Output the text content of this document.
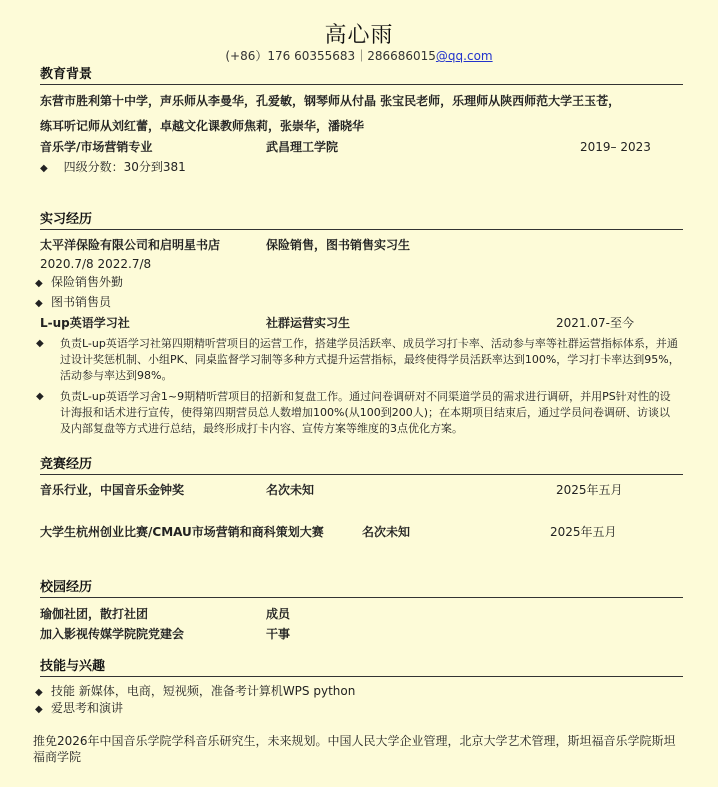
高心雨
(+86）176 60355683｜286686015@qq.com
教育背景
东营市胜利第十中学，声乐师从李曼华，孔爱敏，钢琴师从付晶 张宝民老师，乐理师从陕西师范大学王玉苍，
练耳听记师从刘红蕾，卓越文化课教师焦莉，张崇华，潘晓华
音乐学/市场营销专业	武昌理工学院	2019– 2023
◆ 四级分数：30分到381
实习经历
太平洋保险有限公司和启明星书店	保险销售，图书销售实习生
2020.7/8 2022.7/8
◆ 保险销售外勤
◆ 图书销售员
L-up英语学习社	社群运营实习生	2021.07-至今
◆	负责L-up英语学习社第四期精听营项目的运营工作，搭建学员活跃率、成员学习打卡率、活动参与率等社群运营指标体系，并通过设计奖惩机制、小组PK、同桌监督学习制等多种方式提升运营指标，最终使得学员活跃率达到100%，学习打卡率达到95%，活动参与率达到98%。
◆	负责L-up英语学习舍1~9期精听营项目的招新和复盘工作。通过问卷调研对不同渠道学员的需求进行调研，并用PS针对性的设计海报和话术进行宣传，使得第四期营员总人数增加100%(从100到200人)；在本期项目结束后，通过学员问卷调研、访谈以及内部复盘等方式进行总结，最终形成打卡内容、宣传方案等维度的3点优化方案。
竞赛经历
音乐行业，中国音乐金钟奖	名次未知	2025年五月
大学生杭州创业比赛/CMAU市场营销和商科策划大赛	名次未知	2025年五月
校园经历
瑜伽社团，散打社团	成员
加入影视传媒学院院党建会	干事
技能与兴趣
◆ 技能 新媒体，电商，短视频，准备考计算机WPS python
◆ 爱思考和演讲
推免2026年中国音乐学院学科音乐研究生，未来规划。中国人民大学企业管理，北京大学艺术管理，斯坦福音乐学院斯坦福商学院
